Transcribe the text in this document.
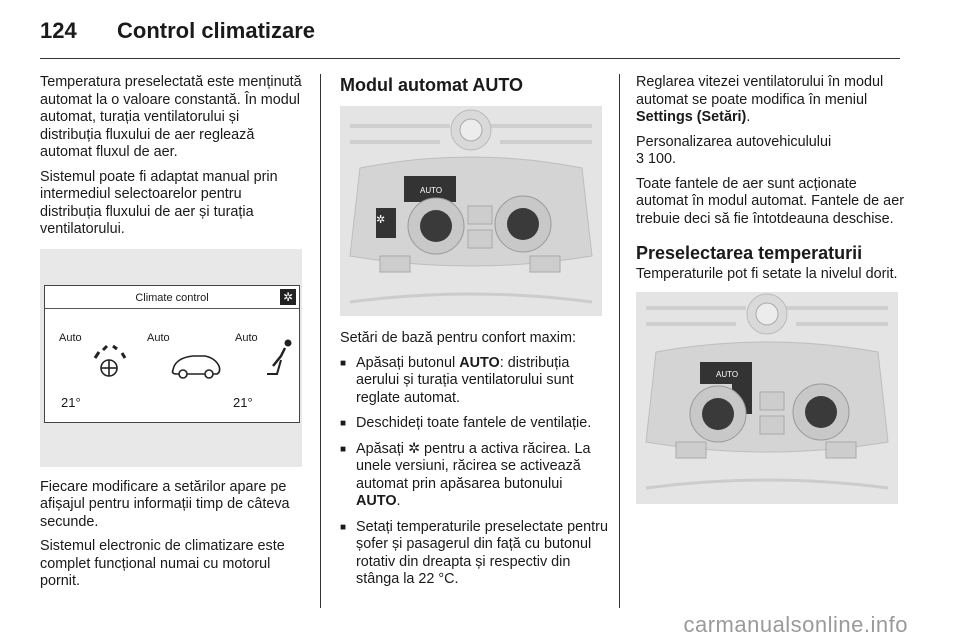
124 Control climatizare

Temperatura preselectată este menținută automat la o valoare constantă. În modul automat, turația ventilatorului și distribuția fluxului de aer reglează automat fluxul de aer.

Sistemul poate fi adaptat manual prin intermediul selectoarelor pentru distribuția fluxului de aer și turația ventilatorului.

Climate control	✲
Auto	Auto	Auto
21°	21°

Fiecare modificare a setărilor apare pe afișajul pentru informații timp de câteva secunde.

Sistemul electronic de climatizare este complet funcțional numai cu motorul pornit.

Modul automat AUTO
✲
AUTO

Setări de bază pentru confort maxim:

■ Apăsați butonul AUTO: distribuția aerului și turația ventilatorului sunt reglate automat.
■ Deschideți toate fantele de ventilație.
■ Apăsați ✲ pentru a activa răcirea. La unele versiuni, răcirea se activează automat prin apăsarea butonului AUTO.
■ Setați temperaturile preselectate pentru șofer și pasagerul din față cu butonul rotativ din dreapta și respectiv din stânga la 22 °C.

Reglarea vitezei ventilatorului în modul automat se poate modifica în meniul Settings (Setări).

Personalizarea autovehiculului
3 100.

Toate fantele de aer sunt acționate automat în modul automat. Fantele de aer trebuie deci să fie întotdeauna deschise.

Preselectarea temperaturii

Temperaturile pot fi setate la nivelul dorit.

AUTO
carmanualsonline.info
